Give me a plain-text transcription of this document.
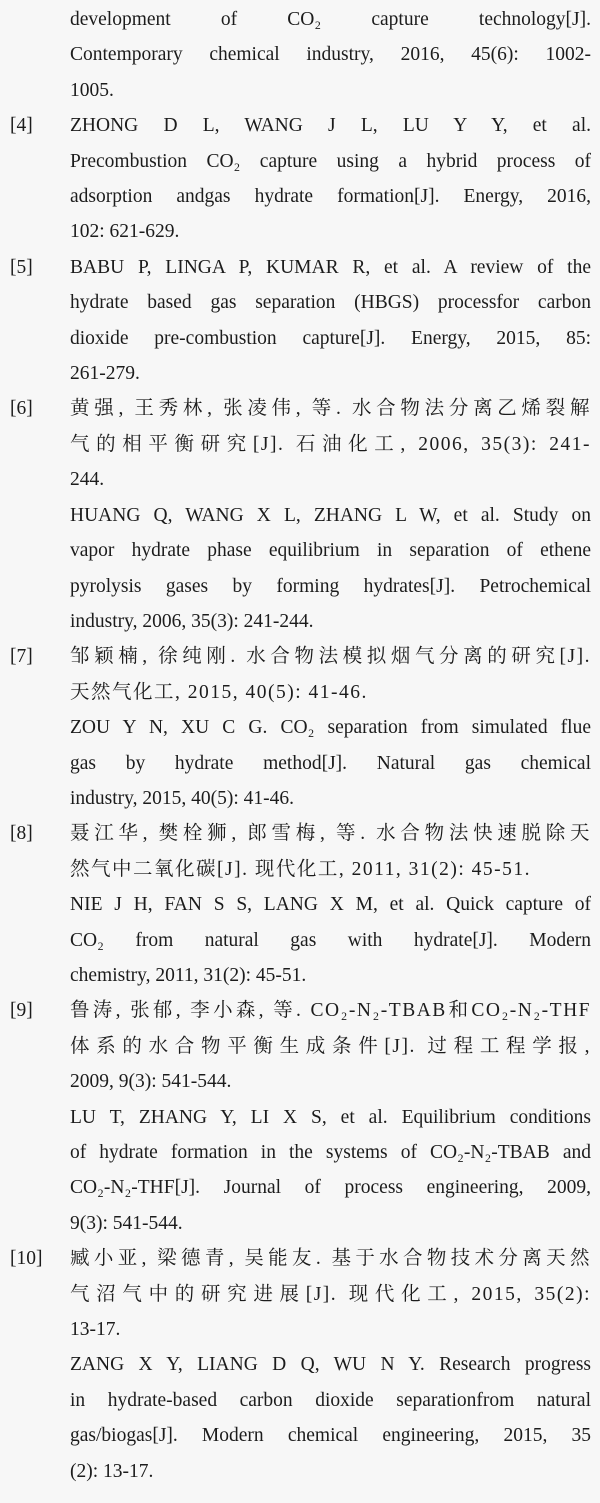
development of CO₂ capture technology[J].
Contemporary chemical industry, 2016, 45(6): 1002-
1005.
[4]	ZHONG D L, WANG J L, LU Y Y, et al.
Precombustion CO₂ capture using a hybrid process of
adsorption andgas hydrate formation[J]. Energy, 2016,
102: 621-629.
[5]	BABU P, LINGA P, KUMAR R, et al. A review of the
hydrate based gas separation (HBGS) processfor carbon
dioxide pre-combustion capture[J]. Energy, 2015, 85:
261-279.
[6]	黄强, 王秀林, 张凌伟, 等. 水合物法分离乙烯裂解
气的相平衡研究[J]. 石油化工, 2006, 35(3): 241-
244.
HUANG Q, WANG X L, ZHANG L W, et al. Study on
vapor hydrate phase equilibrium in separation of ethene
pyrolysis gases by forming hydrates[J]. Petrochemical
industry, 2006, 35(3): 241-244.
[7]	邹颖楠, 徐纯刚. 水合物法模拟烟气分离的研究[J].
天然气化工, 2015, 40(5): 41-46.
ZOU Y N, XU C G. CO₂ separation from simulated flue
gas by hydrate method[J]. Natural gas chemical
industry, 2015, 40(5): 41-46.
[8]	聂江华, 樊栓狮, 郎雪梅, 等. 水合物法快速脱除天
然气中二氧化碳[J]. 现代化工, 2011, 31(2): 45-51.
NIE J H, FAN S S, LANG X M, et al. Quick capture of
CO₂ from natural gas with hydrate[J]. Modern
chemistry, 2011, 31(2): 45-51.
[9]	鲁涛, 张郁, 李小森, 等. CO₂-N₂-TBAB和CO₂-N₂-THF
体系的水合物平衡生成条件[J]. 过程工程学报,
2009, 9(3): 541-544.
LU T, ZHANG Y, LI X S, et al. Equilibrium conditions
of hydrate formation in the systems of CO₂-N₂-TBAB and
CO₂-N₂-THF[J]. Journal of process engineering, 2009,
9(3): 541-544.
[10]	臧小亚, 梁德青, 吴能友. 基于水合物技术分离天然
气沼气中的研究进展[J]. 现代化工, 2015, 35(2):
13-17.
ZANG X Y, LIANG D Q, WU N Y. Research progress
in hydrate-based carbon dioxide separationfrom natural
gas/biogas[J]. Modern chemical engineering, 2015, 35
(2): 13-17.
